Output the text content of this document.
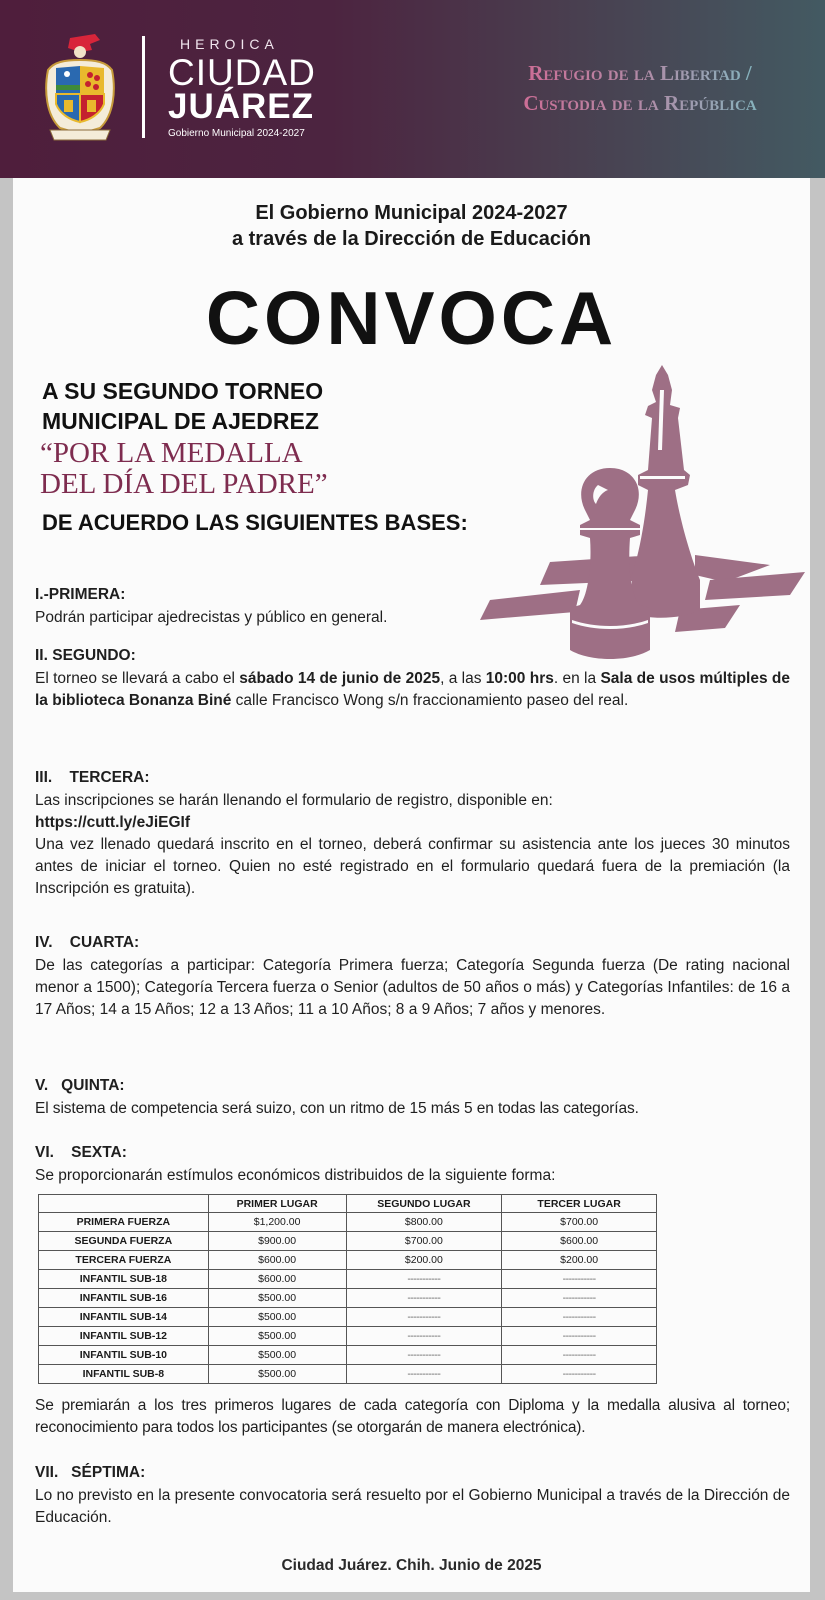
HEROICA
CIUDAD
JUÁREZ
Gobierno Municipal 2024-2027
Refugio de la Libertad /
Custodia de la República
El Gobierno Municipal 2024-2027
a través de la Dirección de Educación
CONVOCA
A SU SEGUNDO TORNEO
MUNICIPAL DE AJEDREZ
“POR LA MEDALLA
DEL DÍA DEL PADRE”
DE ACUERDO LAS SIGUIENTES BASES:
I.-PRIMERA:

Podrán participar ajedrecistas y público en general.

II. SEGUNDO:

El torneo se llevará a cabo el sábado 14 de junio de 2025, a las 10:00 hrs. en la Sala de usos múltiples de la biblioteca Bonanza Biné calle Francisco Wong s/n fraccionamiento paseo del real.

III.    TERCERA:

Las inscripciones se harán llenando el formulario de registro, disponible en:

https://cutt.ly/eJiEGIf

Una vez llenado quedará inscrito en el torneo, deberá confirmar su asistencia ante los jueces 30 minutos antes de iniciar el torneo. Quien no esté registrado en el formulario quedará fuera de la premiación (la Inscripción es gratuita).

IV.    CUARTA:

De las categorías a participar: Categoría Primera fuerza; Categoría Segunda fuerza (De rating nacional menor a 1500); Categoría Tercera fuerza o Senior (adultos de 50 años o más) y Categorías Infantiles: de 16 a 17 Años; 14 a 15 Años; 12 a 13 Años; 11 a 10 Años; 8 a 9 Años; 7 años y menores.

V.   QUINTA:

El sistema de competencia será suizo, con un ritmo de 15 más 5 en todas las categorías.

VI.    SEXTA:

Se proporcionarán estímulos económicos distribuidos de la siguiente forma:

	PRIMER LUGAR	SEGUNDO LUGAR	TERCER LUGAR
PRIMERA FUERZA	$1,200.00	$800.00	$700.00
SEGUNDA FUERZA	$900.00	$700.00	$600.00
TERCERA FUERZA	$600.00	$200.00	$200.00
INFANTIL SUB-18	$600.00	-----------	-----------
INFANTIL SUB-16	$500.00	-----------	-----------
INFANTIL SUB-14	$500.00	-----------	-----------
INFANTIL SUB-12	$500.00	-----------	-----------
INFANTIL SUB-10	$500.00	-----------	-----------
INFANTIL SUB-8	$500.00	-----------	-----------

Se premiarán a los tres primeros lugares de cada categoría con Diploma y la medalla alusiva al torneo; reconocimiento para todos los participantes (se otorgarán de manera electrónica).

VII.   SÉPTIMA:

Lo no previsto en la presente convocatoria será resuelto por el Gobierno Municipal a través de la Dirección de Educación.

Ciudad Juárez. Chih. Junio de 2025
